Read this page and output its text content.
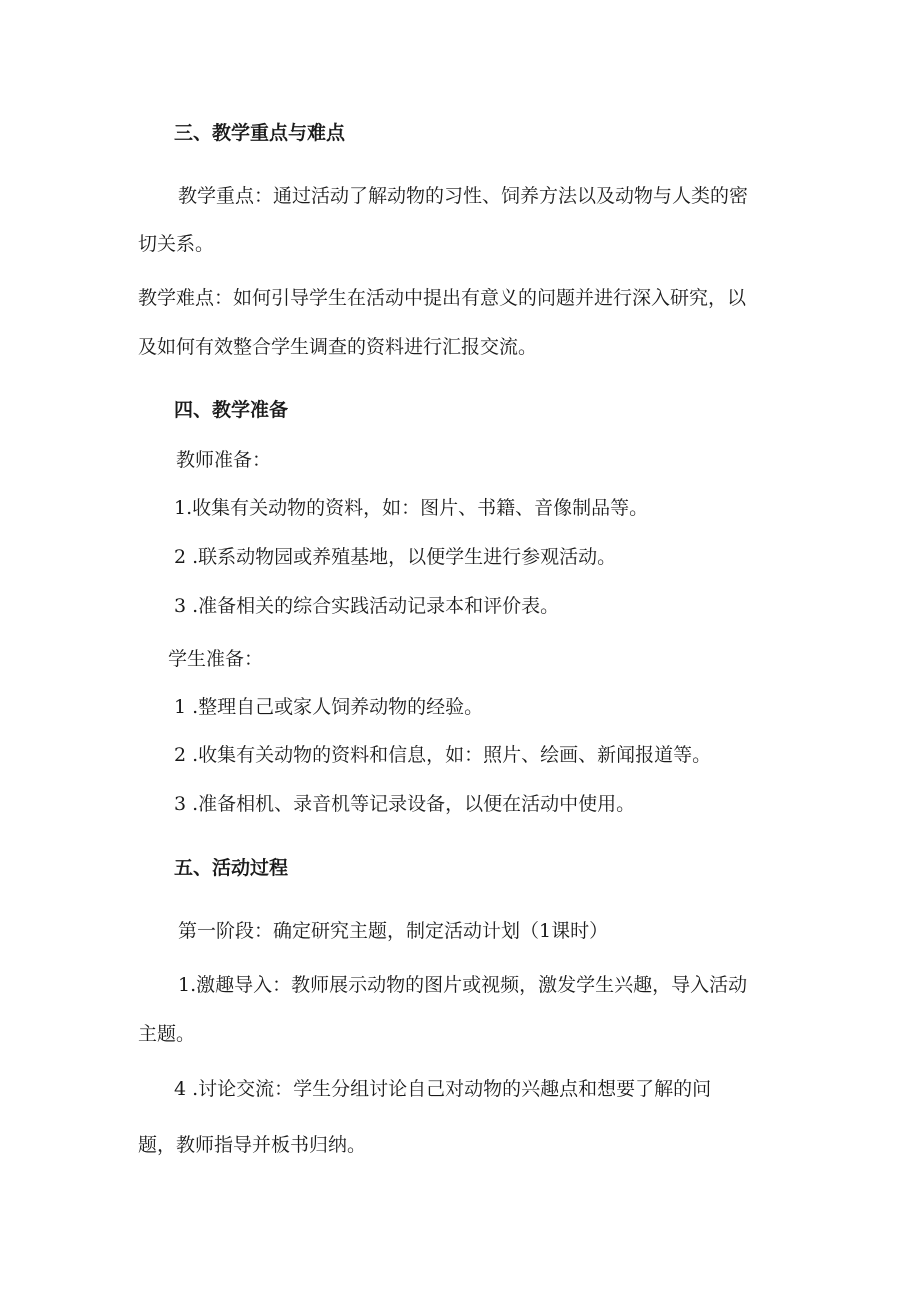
三、教学重点与难点
教学重点：通过活动了解动物的习性、饲养方法以及动物与人类的密
切关系。
教学难点：如何引导学生在活动中提出有意义的问题并进行深入研究，以
及如何有效整合学生调查的资料进行汇报交流。
四、教学准备
教师准备：
1.收集有关动物的资料，如：图片、书籍、音像制品等。
2 .联系动物园或养殖基地，以便学生进行参观活动。
3 .准备相关的综合实践活动记录本和评价表。
学生准备：
1 .整理自己或家人饲养动物的经验。
2 .收集有关动物的资料和信息，如：照片、绘画、新闻报道等。
3 .准备相机、录音机等记录设备，以便在活动中使用。
五、活动过程
第一阶段：确定研究主题，制定活动计划（1课时）
1.激趣导入：教师展示动物的图片或视频，激发学生兴趣，导入活动
主题。
4 .讨论交流：学生分组讨论自己对动物的兴趣点和想要了解的问
题，教师指导并板书归纳。
